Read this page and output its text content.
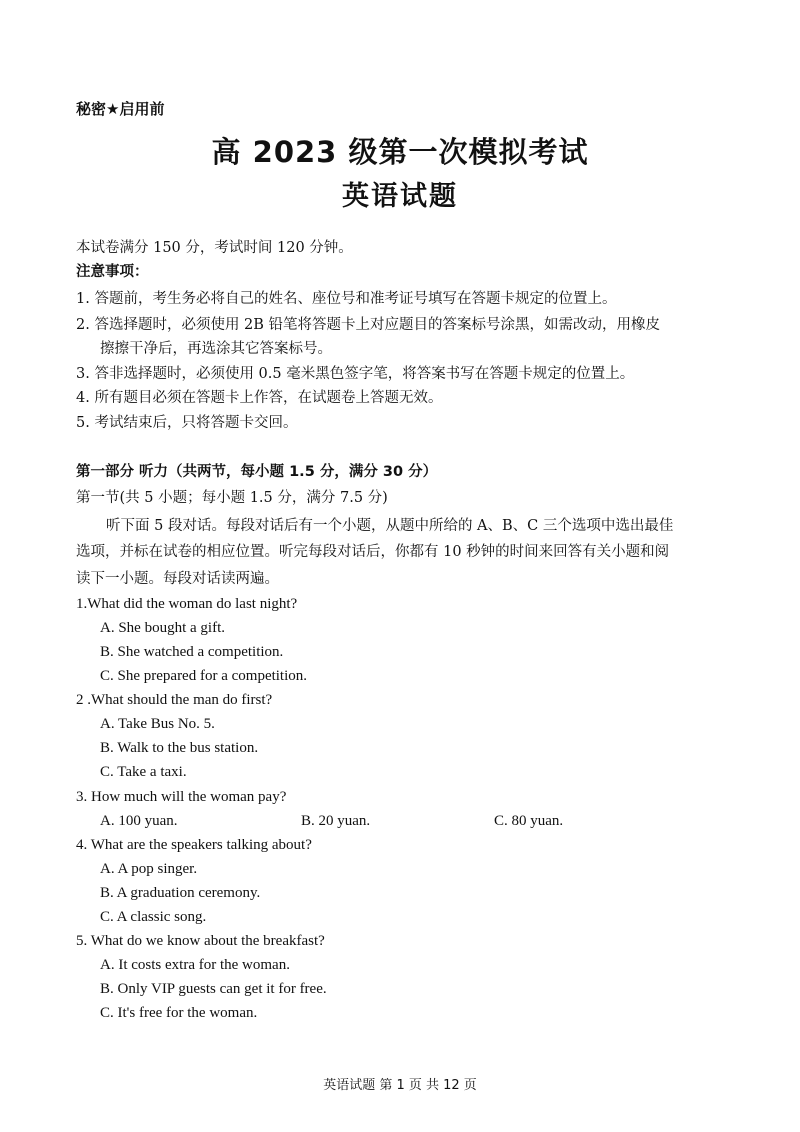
秘密★启用前
高 2023 级第一次模拟考试
英语试题
本试卷满分 150 分，考试时间 120 分钟。
注意事项：
1. 答题前，考生务必将自己的姓名、座位号和准考证号填写在答题卡规定的位置上。
2. 答选择题时，必须使用 2B 铅笔将答题卡上对应题目的答案标号涂黑，如需改动，用橡皮
擦擦干净后，再选涂其它答案标号。
3. 答非选择题时，必须使用 0.5 毫米黑色签字笔，将答案书写在答题卡规定的位置上。
4. 所有题目必须在答题卡上作答，在试题卷上答题无效。
5. 考试结束后，只将答题卡交回。
第一部分 听力（共两节，每小题 1.5 分，满分 30 分）
第一节(共 5 小题；每小题 1.5 分，满分 7.5 分)
听下面 5 段对话。每段对话后有一个小题，从题中所给的 A、B、C 三个选项中选出最佳
选项，并标在试卷的相应位置。听完每段对话后，你都有 10 秒钟的时间来回答有关小题和阅
读下一小题。每段对话读两遍。
1.What did the woman do last night?
A. She bought a gift.
B. She watched a competition.
C. She prepared for a competition.
2 .What should the man do first?
A. Take Bus No. 5.
B. Walk to the bus station.
C. Take a taxi.
3. How much will the woman pay?
A. 100 yuan.	B. 20 yuan.	C. 80 yuan.
4. What are the speakers talking about?
A. A pop singer.
B. A graduation ceremony.
C. A classic song.
5. What do we know about the breakfast?
A. It costs extra for the woman.
B. Only VIP guests can get it for free.
C. It's free for the woman.
英语试题 第 1 页 共 12 页
